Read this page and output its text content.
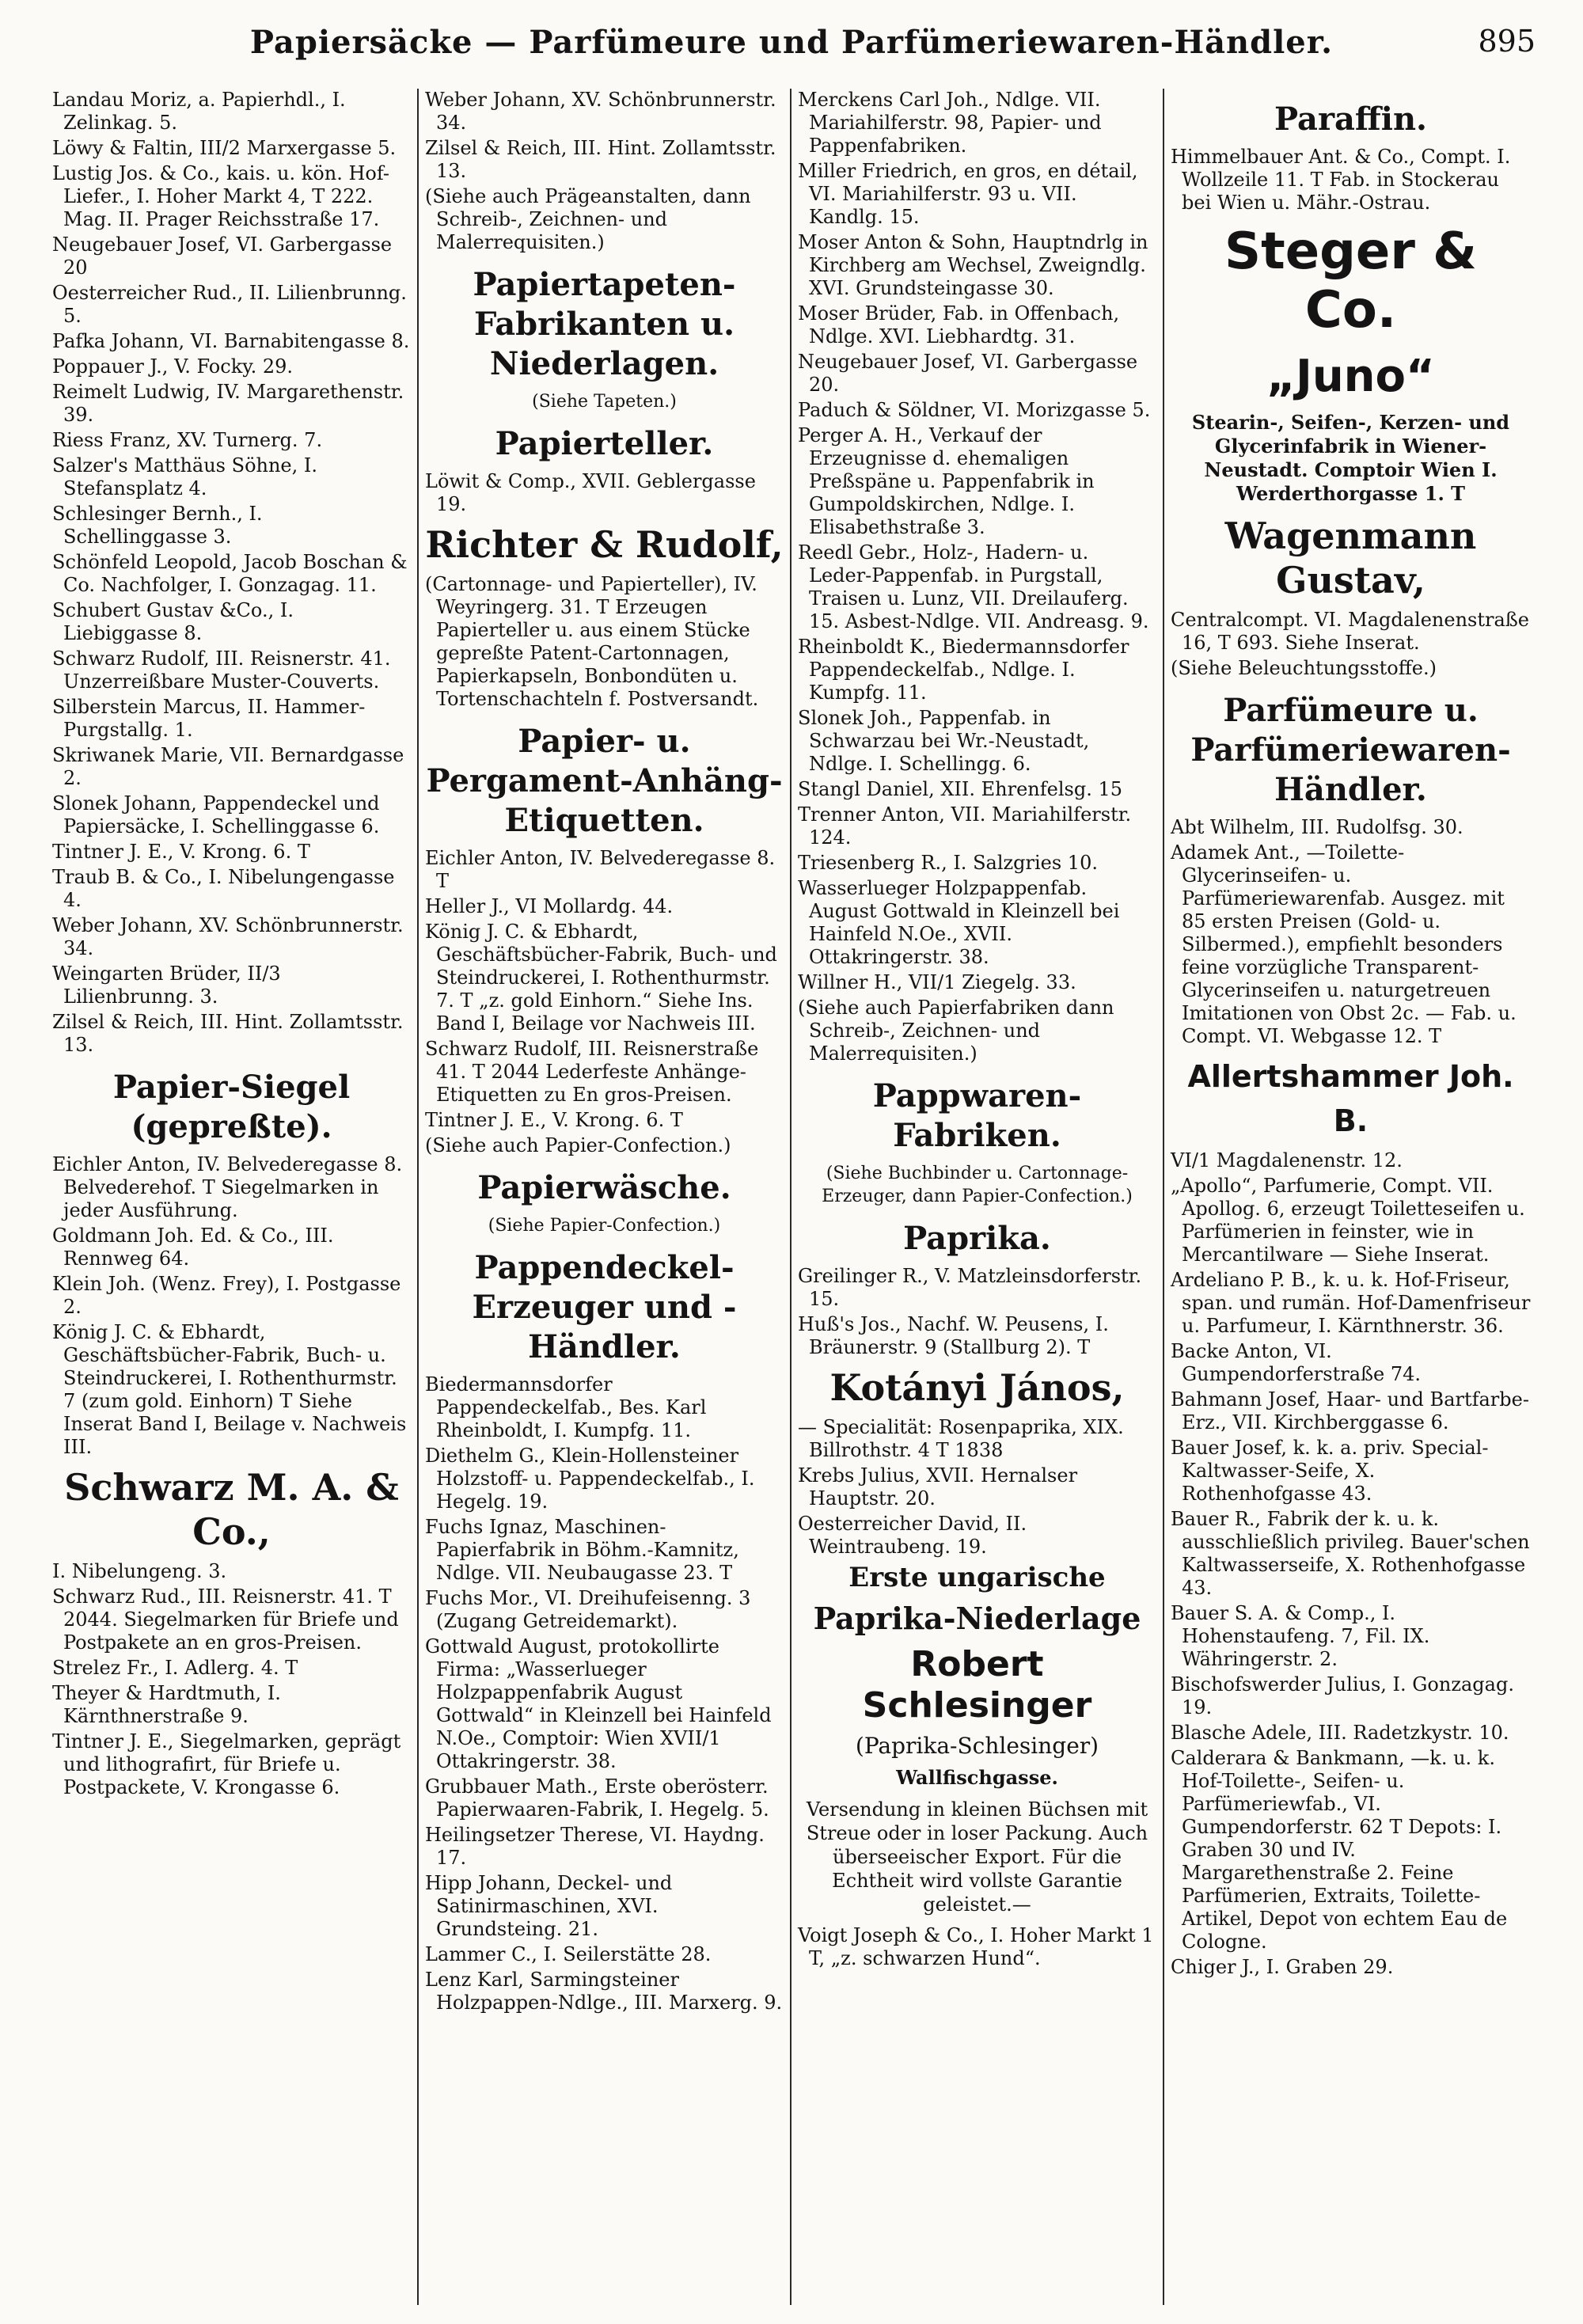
Papiersäcke — Parfümeure und Parfümeriewaren-Händler.	895
Landau Moriz, a. Papierhdl., I. Zelinkag. 5.
Löwy & Faltin, III/2 Marxergasse 5.
Lustig Jos. & Co., kais. u. kön. Hof-Liefer., I. Hoher Markt 4, T 222. Mag. II. Prager Reichsstraße 17.
Neugebauer Josef, VI. Garbergasse 20
Oesterreicher Rud., II. Lilienbrunng. 5.
Pafka Johann, VI. Barnabitengasse 8.
Poppauer J., V. Focky. 29.
Reimelt Ludwig, IV. Margarethenstr. 39.
Riess Franz, XV. Turnerg. 7.
Salzer's Matthäus Söhne, I. Stefansplatz 4.
Schlesinger Bernh., I. Schellinggasse 3.
Schönfeld Leopold, Jacob Boschan & Co. Nachfolger, I. Gonzagag. 11.
Schubert Gustav &Co., I. Liebiggasse 8.
Schwarz Rudolf, III. Reisnerstr. 41. Unzerreißbare Muster-Couverts.
Silberstein Marcus, II. Hammer-Purgstallg. 1.
Skriwanek Marie, VII. Bernardgasse 2.
Slonek Johann, Pappendeckel und Papiersäcke, I. Schellinggasse 6.
Tintner J. E., V. Krong. 6. T
Traub B. & Co., I. Nibelungengasse 4.
Weber Johann, XV. Schönbrunnerstr. 34.
Weingarten Brüder, II/3 Lilienbrunng. 3.
Zilsel & Reich, III. Hint. Zollamtsstr. 13.
Papier-Siegel (gepreßte).
Eichler Anton, IV. Belvederegasse 8. Belvederehof. T Siegelmarken in jeder Ausführung.
Goldmann Joh. Ed. & Co., III. Rennweg 64.
Klein Joh. (Wenz. Frey), I. Postgasse 2.
König J. C. & Ebhardt, Geschäftsbücher-Fabrik, Buch- u. Steindruckerei, I. Rothenthurmstr. 7 (zum gold. Einhorn) T Siehe Inserat Band I, Beilage v. Nachweis III.
Schwarz M. A. & Co.,
I. Nibelungeng. 3.
Schwarz Rud., III. Reisnerstr. 41. T 2044. Siegelmarken für Briefe und Postpakete an en gros-Preisen.
Strelez Fr., I. Adlerg. 4. T
Theyer & Hardtmuth, I. Kärnthnerstraße 9.
Tintner J. E., Siegelmarken, geprägt und lithografirt, für Briefe u. Postpackete, V. Krongasse 6.
Weber Johann, XV. Schönbrunnerstr. 34.
Zilsel & Reich, III. Hint. Zollamtsstr. 13.
(Siehe auch Prägeanstalten, dann Schreib-, Zeichnen- und Malerrequisiten.)
Papiertapeten-Fabrikanten u. Niederlagen.
(Siehe Tapeten.)
Papierteller.
Löwit & Comp., XVII. Geblergasse 19.
Richter & Rudolf,
(Cartonnage- und Papierteller), IV. Weyringerg. 31. T Erzeugen Papierteller u. aus einem Stücke gepreßte Patent-Cartonnagen, Papierkapseln, Bonbondüten u. Tortenschachteln f. Postversandt.
Papier- u. Pergament-Anhäng-Etiquetten.
Eichler Anton, IV. Belvederegasse 8. T
Heller J., VI Mollardg. 44.
König J. C. & Ebhardt, Geschäftsbücher-Fabrik, Buch- und Steindruckerei, I. Rothenthurmstr. 7. T „z. gold Einhorn.“ Siehe Ins. Band I, Beilage vor Nachweis III.
Schwarz Rudolf, III. Reisnerstraße 41. T 2044 Lederfeste Anhänge-Etiquetten zu En gros-Preisen.
Tintner J. E., V. Krong. 6. T
(Siehe auch Papier-Confection.)
Papierwäsche.
(Siehe Papier-Confection.)
Pappendeckel-Erzeuger und -Händler.
Biedermannsdorfer Pappendeckelfab., Bes. Karl Rheinboldt, I. Kumpfg. 11.
Diethelm G., Klein-Hollensteiner Holzstoff- u. Pappendeckelfab., I. Hegelg. 19.
Fuchs Ignaz, Maschinen-Papierfabrik in Böhm.-Kamnitz, Ndlge. VII. Neubaugasse 23. T
Fuchs Mor., VI. Dreihufeisenng. 3 (Zugang Getreidemarkt).
Gottwald August, protokollirte Firma: „Wasserlueger Holzpappenfabrik August Gottwald“ in Kleinzell bei Hainfeld N.Oe., Comptoir: Wien XVII/1 Ottakringerstr. 38.
Grubbauer Math., Erste oberösterr. Papierwaaren-Fabrik, I. Hegelg. 5.
Heilingsetzer Therese, VI. Haydng. 17.
Hipp Johann, Deckel- und Satinirmaschinen, XVI. Grundsteing. 21.
Lammer C., I. Seilerstätte 28.
Lenz Karl, Sarmingsteiner Holzpappen-Ndlge., III. Marxerg. 9.
Merckens Carl Joh., Ndlge. VII. Mariahilferstr. 98, Papier- und Pappenfabriken.
Miller Friedrich, en gros, en détail, VI. Mariahilferstr. 93 u. VII. Kandlg. 15.
Moser Anton & Sohn, Hauptndrlg in Kirchberg am Wechsel, Zweigndlg. XVI. Grundsteingasse 30.
Moser Brüder, Fab. in Offenbach, Ndlge. XVI. Liebhardtg. 31.
Neugebauer Josef, VI. Garbergasse 20.
Paduch & Söldner, VI. Morizgasse 5.
Perger A. H., Verkauf der Erzeugnisse d. ehemaligen Preßspäne u. Pappenfabrik in Gumpoldskirchen, Ndlge. I. Elisabethstraße 3.
Reedl Gebr., Holz-, Hadern- u. Leder-Pappenfab. in Purgstall, Traisen u. Lunz, VII. Dreilauferg. 15. Asbest-Ndlge. VII. Andreasg. 9.
Rheinboldt K., Biedermannsdorfer Pappendeckelfab., Ndlge. I. Kumpfg. 11.
Slonek Joh., Pappenfab. in Schwarzau bei Wr.-Neustadt, Ndlge. I. Schellingg. 6.
Stangl Daniel, XII. Ehrenfelsg. 15
Trenner Anton, VII. Mariahilferstr. 124.
Triesenberg R., I. Salzgries 10.
Wasserlueger Holzpappenfab. August Gottwald in Kleinzell bei Hainfeld N.Oe., XVII. Ottakringerstr. 38.
Willner H., VII/1 Ziegelg. 33.
(Siehe auch Papierfabriken dann Schreib-, Zeichnen- und Malerrequisiten.)
Pappwaren-Fabriken.
(Siehe Buchbinder u. Cartonnage-Erzeuger, dann Papier-Confection.)
Paprika.
Greilinger R., V. Matzleinsdorferstr. 15.
Huß's Jos., Nachf. W. Peusens, I. Bräunerstr. 9 (Stallburg 2). T
Kotányi János,
— Specialität: Rosenpaprika, XIX. Billrothstr. 4 T 1838
Krebs Julius, XVII. Hernalser Hauptstr. 20.
Oesterreicher David, II. Weintraubeng. 19.
Erste ungarische
Paprika-Niederlage
Robert Schlesinger
(Paprika-Schlesinger)
Wallfischgasse.
Versendung in kleinen Büchsen mit Streue oder in loser Packung. Auch überseeischer Export. Für die Echtheit wird vollste Garantie geleistet.—
Voigt Joseph & Co., I. Hoher Markt 1 T, „z. schwarzen Hund“.
Paraffin.
Himmelbauer Ant. & Co., Compt. I. Wollzeile 11. T Fab. in Stockerau bei Wien u. Mähr.-Ostrau.
Steger & Co.
„Juno“
Stearin-, Seifen-, Kerzen- und Glycerinfabrik in Wiener-Neustadt. Comptoir Wien I. Werderthorgasse 1. T
Wagenmann Gustav,
Centralcompt. VI. Magdalenenstraße 16, T 693. Siehe Inserat.
(Siehe Beleuchtungsstoffe.)
Parfümeure u. Parfümeriewaren-Händler.
Abt Wilhelm, III. Rudolfsg. 30.
Adamek Ant., —Toilette-Glycerinseifen- u. Parfümeriewarenfab. Ausgez. mit 85 ersten Preisen (Gold- u. Silbermed.), empfiehlt besonders feine vorzügliche Transparent-Glycerinseifen u. naturgetreuen Imitationen von Obst 2c. — Fab. u. Compt. VI. Webgasse 12. T
Allertshammer Joh. B.
VI/1 Magdalenenstr. 12.
„Apollo“, Parfumerie, Compt. VII. Apollog. 6, erzeugt Toiletteseifen u. Parfümerien in feinster, wie in Mercantilware — Siehe Inserat.
Ardeliano P. B., k. u. k. Hof-Friseur, span. und rumän. Hof-Damenfriseur u. Parfumeur, I. Kärnthnerstr. 36.
Backe Anton, VI. Gumpendorferstraße 74.
Bahmann Josef, Haar- und Bartfarbe-Erz., VII. Kirchberggasse 6.
Bauer Josef, k. k. a. priv. Special-Kaltwasser-Seife, X. Rothenhofgasse 43.
Bauer R., Fabrik der k. u. k. ausschließlich privileg. Bauer'schen Kaltwasserseife, X. Rothenhofgasse 43.
Bauer S. A. & Comp., I. Hohenstaufeng. 7, Fil. IX. Währingerstr. 2.
Bischofswerder Julius, I. Gonzagag. 19.
Blasche Adele, III. Radetzkystr. 10.
Calderara & Bankmann, —k. u. k. Hof-Toilette-, Seifen- u. Parfümeriewfab., VI. Gumpendorferstr. 62 T Depots: I. Graben 30 und IV. Margarethenstraße 2. Feine Parfümerien, Extraits, Toilette-Artikel, Depot von echtem Eau de Cologne.
Chiger J., I. Graben 29.
